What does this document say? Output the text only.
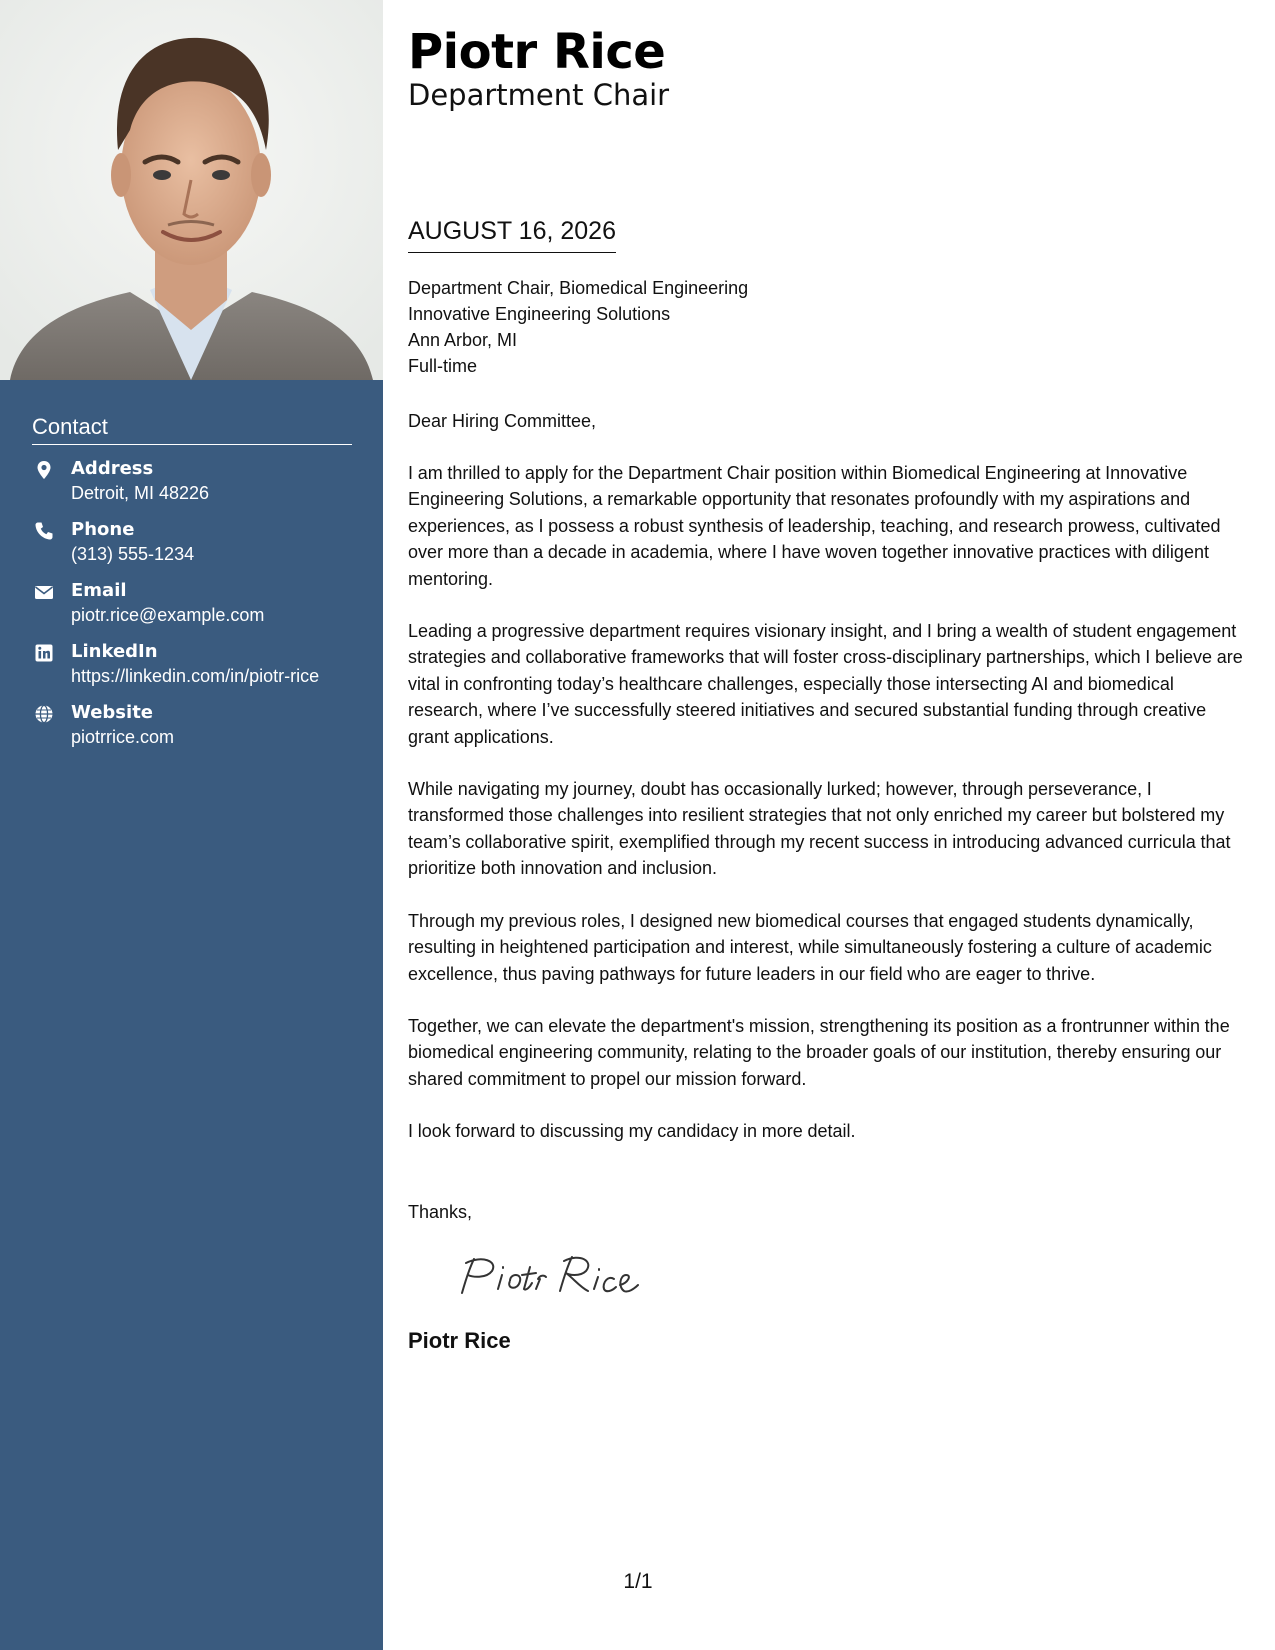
Contact
Address
Detroit, MI 48226
Phone
(313) 555-1234
Email
piotr.rice@example.com
LinkedIn
https://linkedin.com/in/piotr-rice
Website
piotrrice.com
Piotr Rice
Department Chair
AUGUST 16, 2026
Department Chair, Biomedical Engineering
Innovative Engineering Solutions
Ann Arbor, MI
Full-time
Dear Hiring Committee,
I am thrilled to apply for the Department Chair position within Biomedical Engineering at Innovative Engineering Solutions, a remarkable opportunity that resonates profoundly with my aspirations and experiences, as I possess a robust synthesis of leadership, teaching, and research prowess, cultivated over more than a decade in academia, where I have woven together innovative practices with diligent mentoring.
Leading a progressive department requires visionary insight, and I bring a wealth of student engagement strategies and collaborative frameworks that will foster cross-disciplinary partnerships, which I believe are vital in confronting today’s healthcare challenges, especially those intersecting AI and biomedical research, where I’ve successfully steered initiatives and secured substantial funding through creative grant applications.
While navigating my journey, doubt has occasionally lurked; however, through perseverance, I transformed those challenges into resilient strategies that not only enriched my career but bolstered my team’s collaborative spirit, exemplified through my recent success in introducing advanced curricula that prioritize both innovation and inclusion.
Through my previous roles, I designed new biomedical courses that engaged students dynamically, resulting in heightened participation and interest, while simultaneously fostering a culture of academic excellence, thus paving pathways for future leaders in our field who are eager to thrive.
Together, we can elevate the department's mission, strengthening its position as a frontrunner within the biomedical engineering community, relating to the broader goals of our institution, thereby ensuring our shared commitment to propel our mission forward.
I look forward to discussing my candidacy in more detail.
Thanks,
Piotr Rice
1/1
